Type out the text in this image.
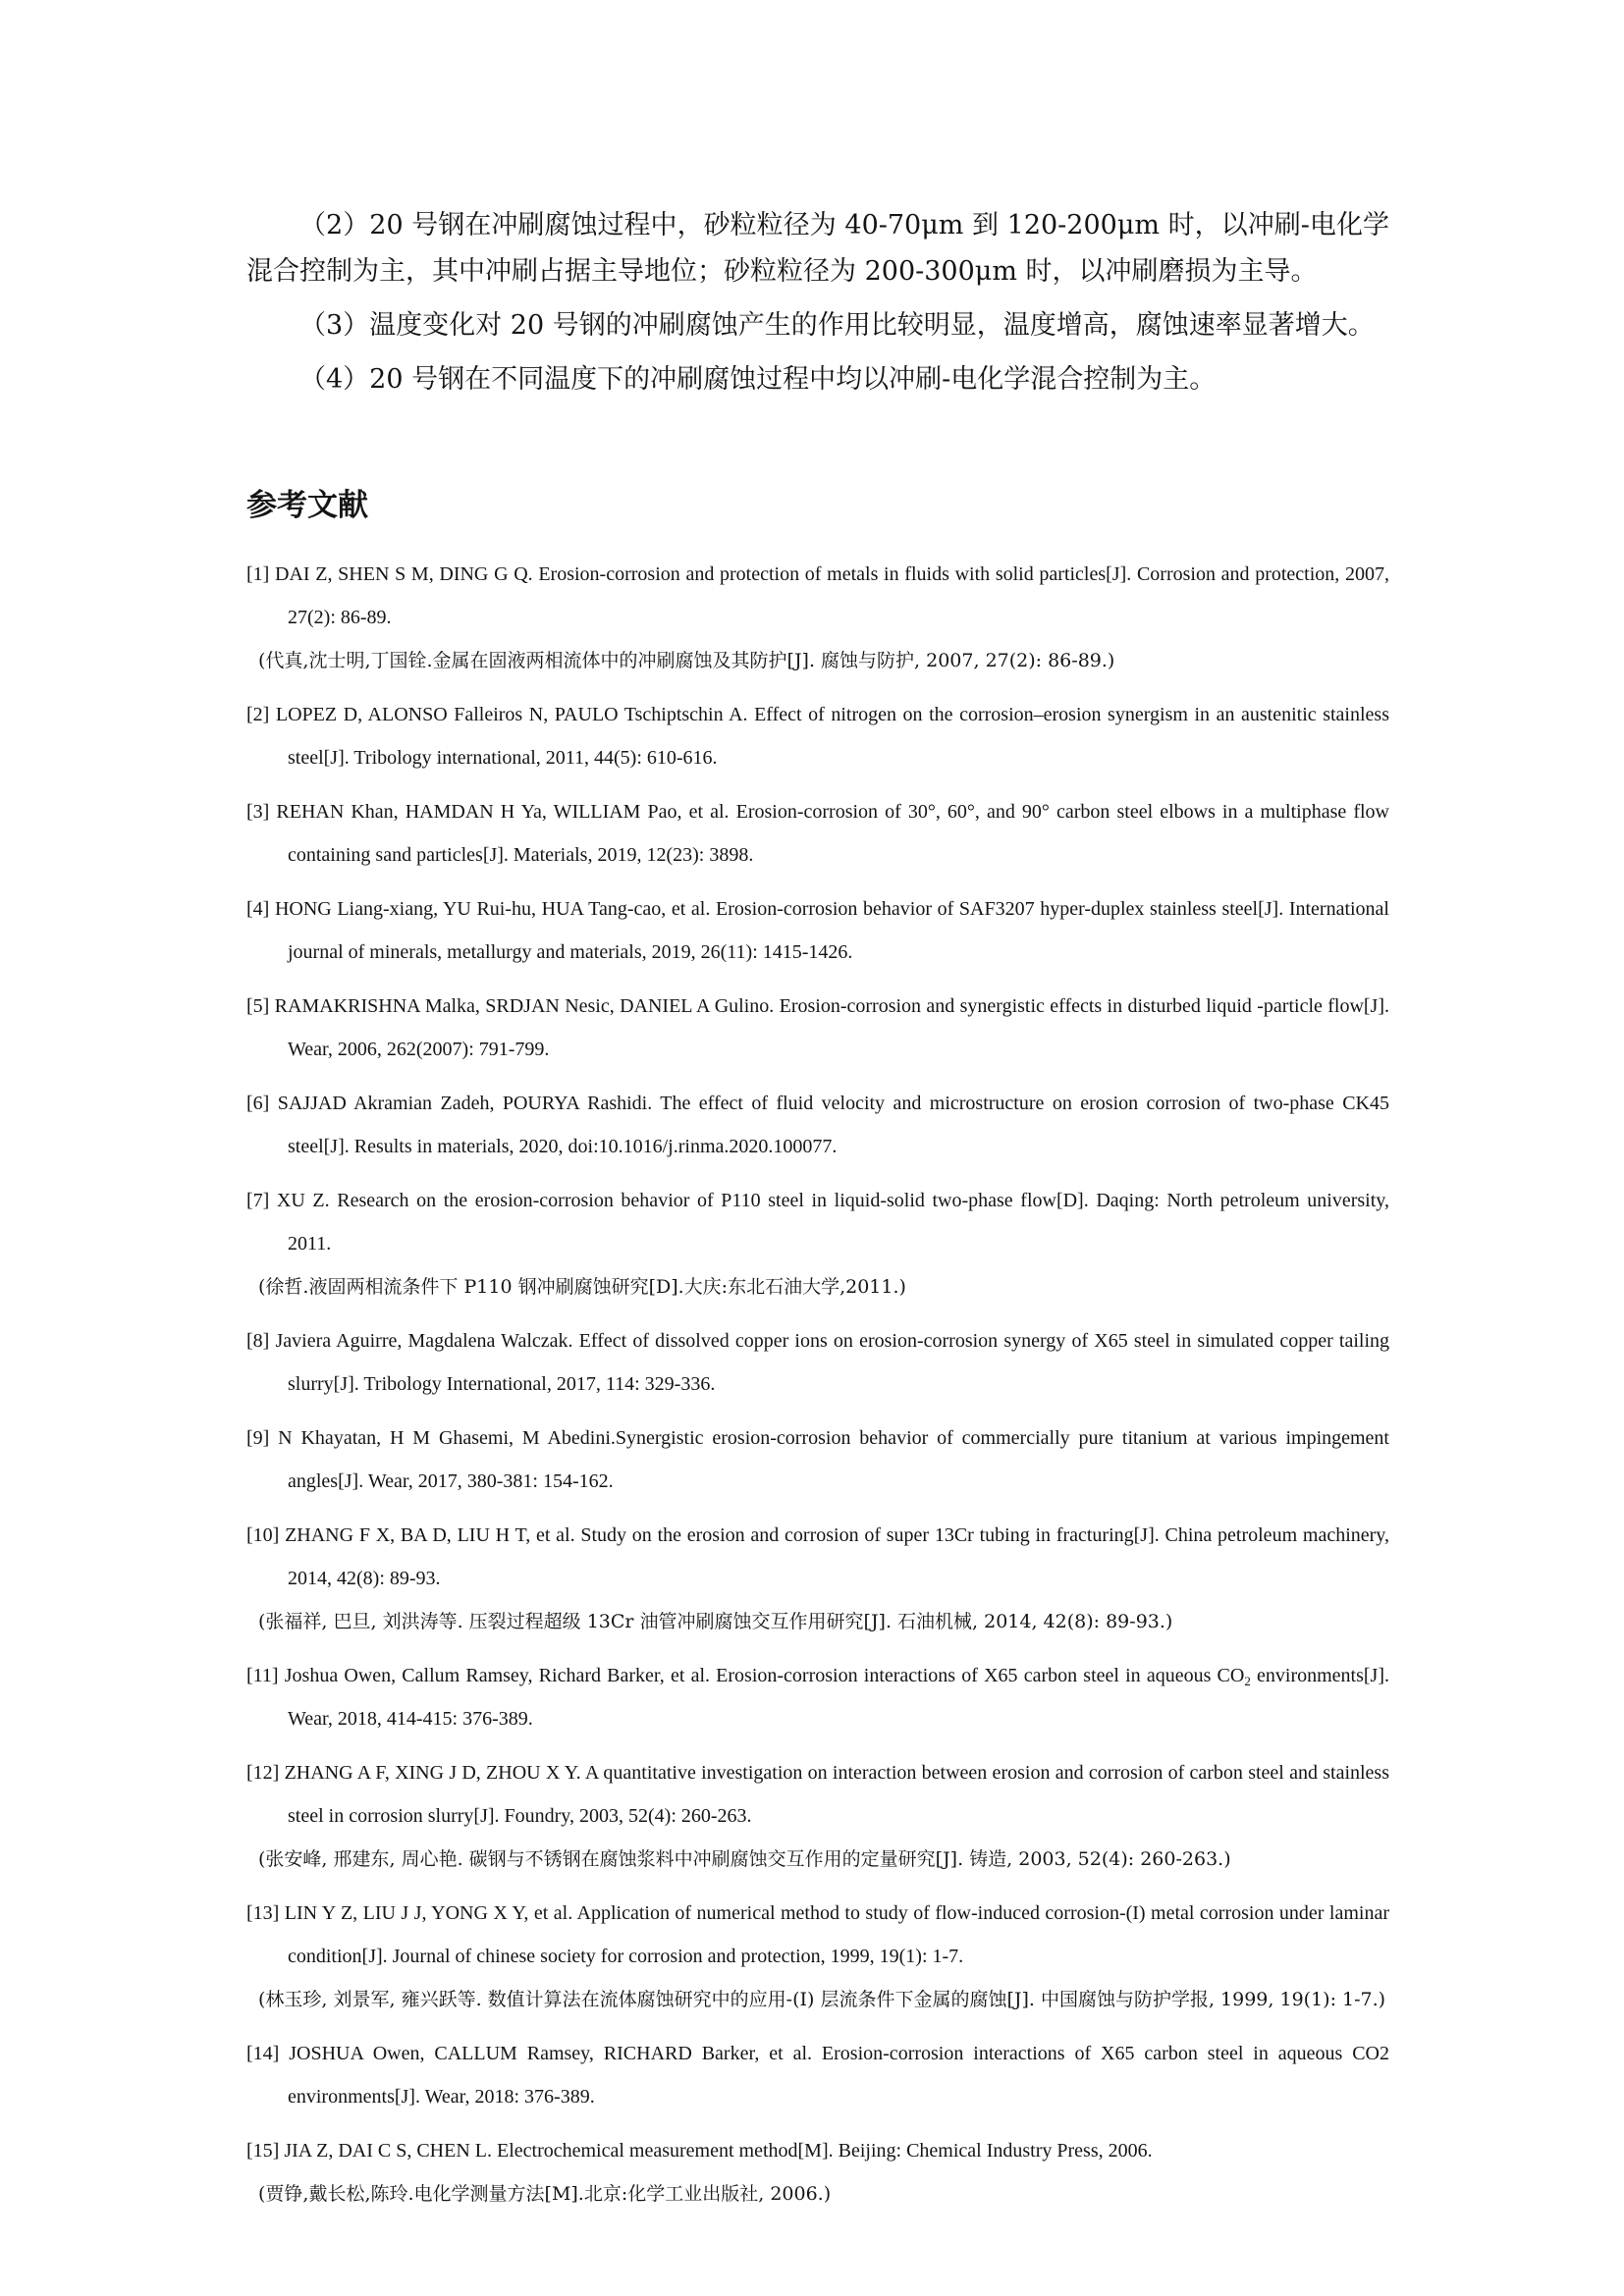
（2）20 号钢在冲刷腐蚀过程中，砂粒粒径为 40-70μm 到 120-200μm 时，以冲刷-电化学混合控制为主，其中冲刷占据主导地位；砂粒粒径为 200-300μm 时，以冲刷磨损为主导。

（3）温度变化对 20 号钢的冲刷腐蚀产生的作用比较明显，温度增高，腐蚀速率显著增大。

（4）20 号钢在不同温度下的冲刷腐蚀过程中均以冲刷-电化学混合控制为主。

参考文献
[1] DAI Z, SHEN S M, DING G Q. Erosion-corrosion and protection of metals in fluids with solid particles[J]. Corrosion and protection, 2007, 27(2): 86-89.
(代真,沈士明,丁国铨.金属在固液两相流体中的冲刷腐蚀及其防护[J]. 腐蚀与防护, 2007, 27(2): 86-89.)
[2] LOPEZ D, ALONSO Falleiros N, PAULO Tschiptschin A. Effect of nitrogen on the corrosion–erosion synergism in an austenitic stainless steel[J]. Tribology international, 2011, 44(5): 610-616.
[3] REHAN Khan, HAMDAN H Ya, WILLIAM Pao, et al. Erosion-corrosion of 30°, 60°, and 90° carbon steel elbows in a multiphase flow containing sand particles[J]. Materials, 2019, 12(23): 3898.
[4] HONG Liang-xiang, YU Rui-hu, HUA Tang-cao, et al. Erosion-corrosion behavior of SAF3207 hyper-duplex stainless steel[J]. International journal of minerals, metallurgy and materials, 2019, 26(11): 1415-1426.
[5] RAMAKRISHNA Malka, SRDJAN Nesic, DANIEL A Gulino. Erosion-corrosion and synergistic effects in disturbed liquid -particle flow[J]. Wear, 2006, 262(2007): 791-799.
[6] SAJJAD Akramian Zadeh, POURYA Rashidi. The effect of fluid velocity and microstructure on erosion corrosion of two-phase CK45 steel[J]. Results in materials, 2020, doi:10.1016/j.rinma.2020.100077.
[7] XU Z. Research on the erosion-corrosion behavior of P110 steel in liquid-solid two-phase flow[D]. Daqing: North petroleum university, 2011.
(徐哲.液固两相流条件下 P110 钢冲刷腐蚀研究[D].大庆:东北石油大学,2011.)
[8] Javiera Aguirre, Magdalena Walczak. Effect of dissolved copper ions on erosion-corrosion synergy of X65 steel in simulated copper tailing slurry[J]. Tribology International, 2017, 114: 329-336.
[9] N Khayatan, H M Ghasemi, M Abedini.Synergistic erosion-corrosion behavior of commercially pure titanium at various impingement angles[J]. Wear, 2017, 380-381: 154-162.
[10] ZHANG F X, BA D, LIU H T, et al. Study on the erosion and corrosion of super 13Cr tubing in fracturing[J]. China petroleum machinery, 2014, 42(8): 89-93.
(张福祥, 巴旦, 刘洪涛等. 压裂过程超级 13Cr 油管冲刷腐蚀交互作用研究[J]. 石油机械, 2014, 42(8): 89-93.)
[11] Joshua Owen, Callum Ramsey, Richard Barker, et al. Erosion-corrosion interactions of X65 carbon steel in aqueous $CO_2$ environments[J]. Wear, 2018, 414-415: 376-389.
[12] ZHANG A F, XING J D, ZHOU X Y. A quantitative investigation on interaction between erosion and corrosion of carbon steel and stainless steel in corrosion slurry[J]. Foundry, 2003, 52(4): 260-263.
(张安峰, 邢建东, 周心艳. 碳钢与不锈钢在腐蚀浆料中冲刷腐蚀交互作用的定量研究[J]. 铸造, 2003, 52(4): 260-263.)
[13] LIN Y Z, LIU J J, YONG X Y, et al. Application of numerical method to study of flow-induced corrosion-(I) metal corrosion under laminar condition[J]. Journal of chinese society for corrosion and protection, 1999, 19(1): 1-7.
(林玉珍, 刘景军, 雍兴跃等. 数值计算法在流体腐蚀研究中的应用-(I) 层流条件下金属的腐蚀[J]. 中国腐蚀与防护学报, 1999, 19(1): 1-7.)
[14] JOSHUA Owen, CALLUM Ramsey, RICHARD Barker, et al. Erosion-corrosion interactions of X65 carbon steel in aqueous CO2 environments[J]. Wear, 2018: 376-389.
[15] JIA Z, DAI C S, CHEN L. Electrochemical measurement method[M]. Beijing: Chemical Industry Press, 2006.
(贾铮,戴长松,陈玲.电化学测量方法[M].北京:化学工业出版社, 2006.)
